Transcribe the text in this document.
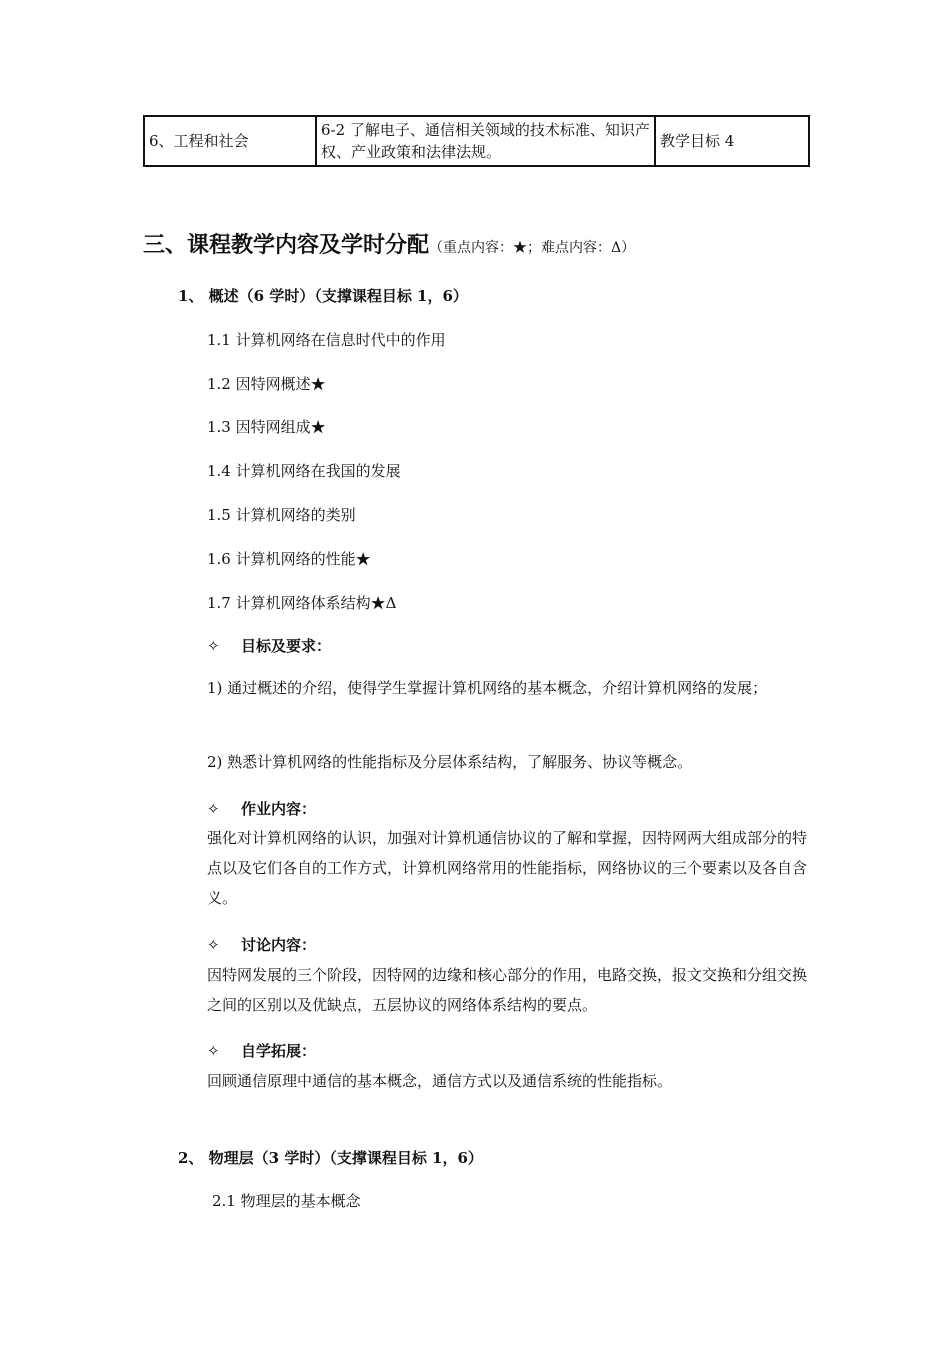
6、工程和社会	6-2 了解电子、通信相关领域的技术标准、知识产权、产业政策和法律法规。	教学目标 4
三、课程教学内容及学时分配（重点内容：★；难点内容：Δ）
1、 概述（6 学时）（支撑课程目标 1，6）
1.1 计算机网络在信息时代中的作用
1.2 因特网概述★
1.3 因特网组成★
1.4 计算机网络在我国的发展
1.5 计算机网络的类别
1.6 计算机网络的性能★
1.7 计算机网络体系结构★Δ
✧ 目标及要求：
1) 通过概述的介绍，使得学生掌握计算机网络的基本概念，介绍计算机网络的发展；
2) 熟悉计算机网络的性能指标及分层体系结构，了解服务、协议等概念。
✧ 作业内容：
强化对计算机网络的认识，加强对计算机通信协议的了解和掌握，因特网两大组成部分的特点以及它们各自的工作方式，计算机网络常用的性能指标，网络协议的三个要素以及各自含义。
✧ 讨论内容：
因特网发展的三个阶段，因特网的边缘和核心部分的作用，电路交换，报文交换和分组交换之间的区别以及优缺点，五层协议的网络体系结构的要点。
✧ 自学拓展：
回顾通信原理中通信的基本概念，通信方式以及通信系统的性能指标。
2、 物理层（3 学时）（支撑课程目标 1，6）
2.1 物理层的基本概念
